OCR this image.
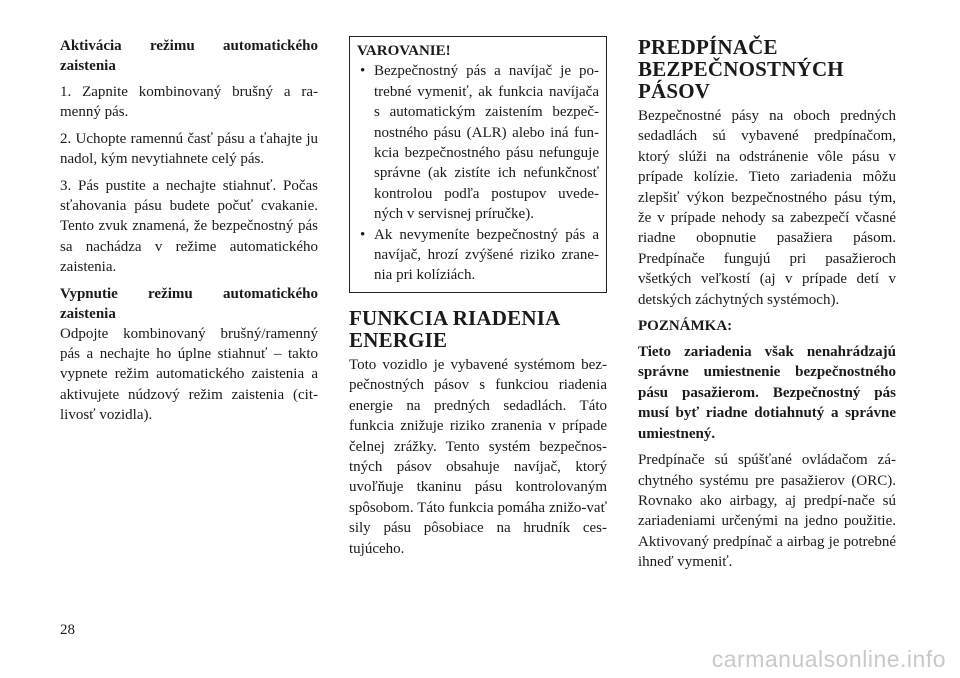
Aktivácia režimu automatického zaistenia

1. Zapnite kombinovaný brušný a ra-menný pás.

2. Uchopte ramennú časť pásu a ťahajte ju nadol, kým nevytiahnete celý pás.

3. Pás pustite a nechajte stiahnuť. Počas sťahovania pásu budete počuť cvakanie. Tento zvuk znamená, že bezpečnostný pás sa nachádza v režime automatického zaistenia.

Vypnutie režimu automatického zaistenia

Odpojte kombinovaný brušný/ramenný pás a nechajte ho úplne stiahnuť – takto vypnete režim automatického zaistenia a aktivujete núdzový režim zaistenia (cit-livosť vozidla).

VAROVANIE!

• Bezpečnostný pás a navíjač je po-trebné vymeniť, ak funkcia navíjača s automatickým zaistením bezpeč-nostného pásu (ALR) alebo iná fun-kcia bezpečnostného pásu nefunguje správne (ak zistíte ich nefunkčnosť kontrolou podľa postupov uvede-ných v servisnej príručke).
• Ak nevymeníte bezpečnostný pás a navíjač, hrozí zvýšené riziko zrane-nia pri kolíziách.
FUNKCIA RIADENIA ENERGIE

Toto vozidlo je vybavené systémom bez-pečnostných pásov s funkciou riadenia energie na predných sedadlách. Táto funkcia znižuje riziko zranenia v prípade čelnej zrážky. Tento systém bezpečnos-tných pásov obsahuje navíjač, ktorý uvoľňuje tkaninu pásu kontrolovaným spôsobom. Táto funkcia pomáha znižo-vať sily pásu pôsobiace na hrudník ces-tujúceho.

PREDPÍNAČE BEZPEČNOSTNÝCH PÁSOV

Bezpečnostné pásy na oboch predných sedadlách sú vybavené predpínačom, ktorý slúži na odstránenie vôle pásu v prípade kolízie. Tieto zariadenia môžu zlepšiť výkon bezpečnostného pásu tým, že v prípade nehody sa zabezpečí včasné riadne obopnutie pasažiera pásom. Predpínače fungujú pri pasažieroch všetkých veľkostí (aj v prípade detí v detských záchytných systémoch).

POZNÁMKA:

Tieto zariadenia však nenahrádzajú správne umiestnenie bezpečnostného pásu pasažierom. Bezpečnostný pás musí byť riadne dotiahnutý a správne umiestnený.

Predpínače sú spúšťané ovládačom zá-chytného systému pre pasažierov (ORC). Rovnako ako airbagy, aj predpí-nače sú zariadeniami určenými na jedno použitie. Aktivovaný predpínač a airbag je potrebné ihneď vymeniť.

28
carmanualsonline.info
